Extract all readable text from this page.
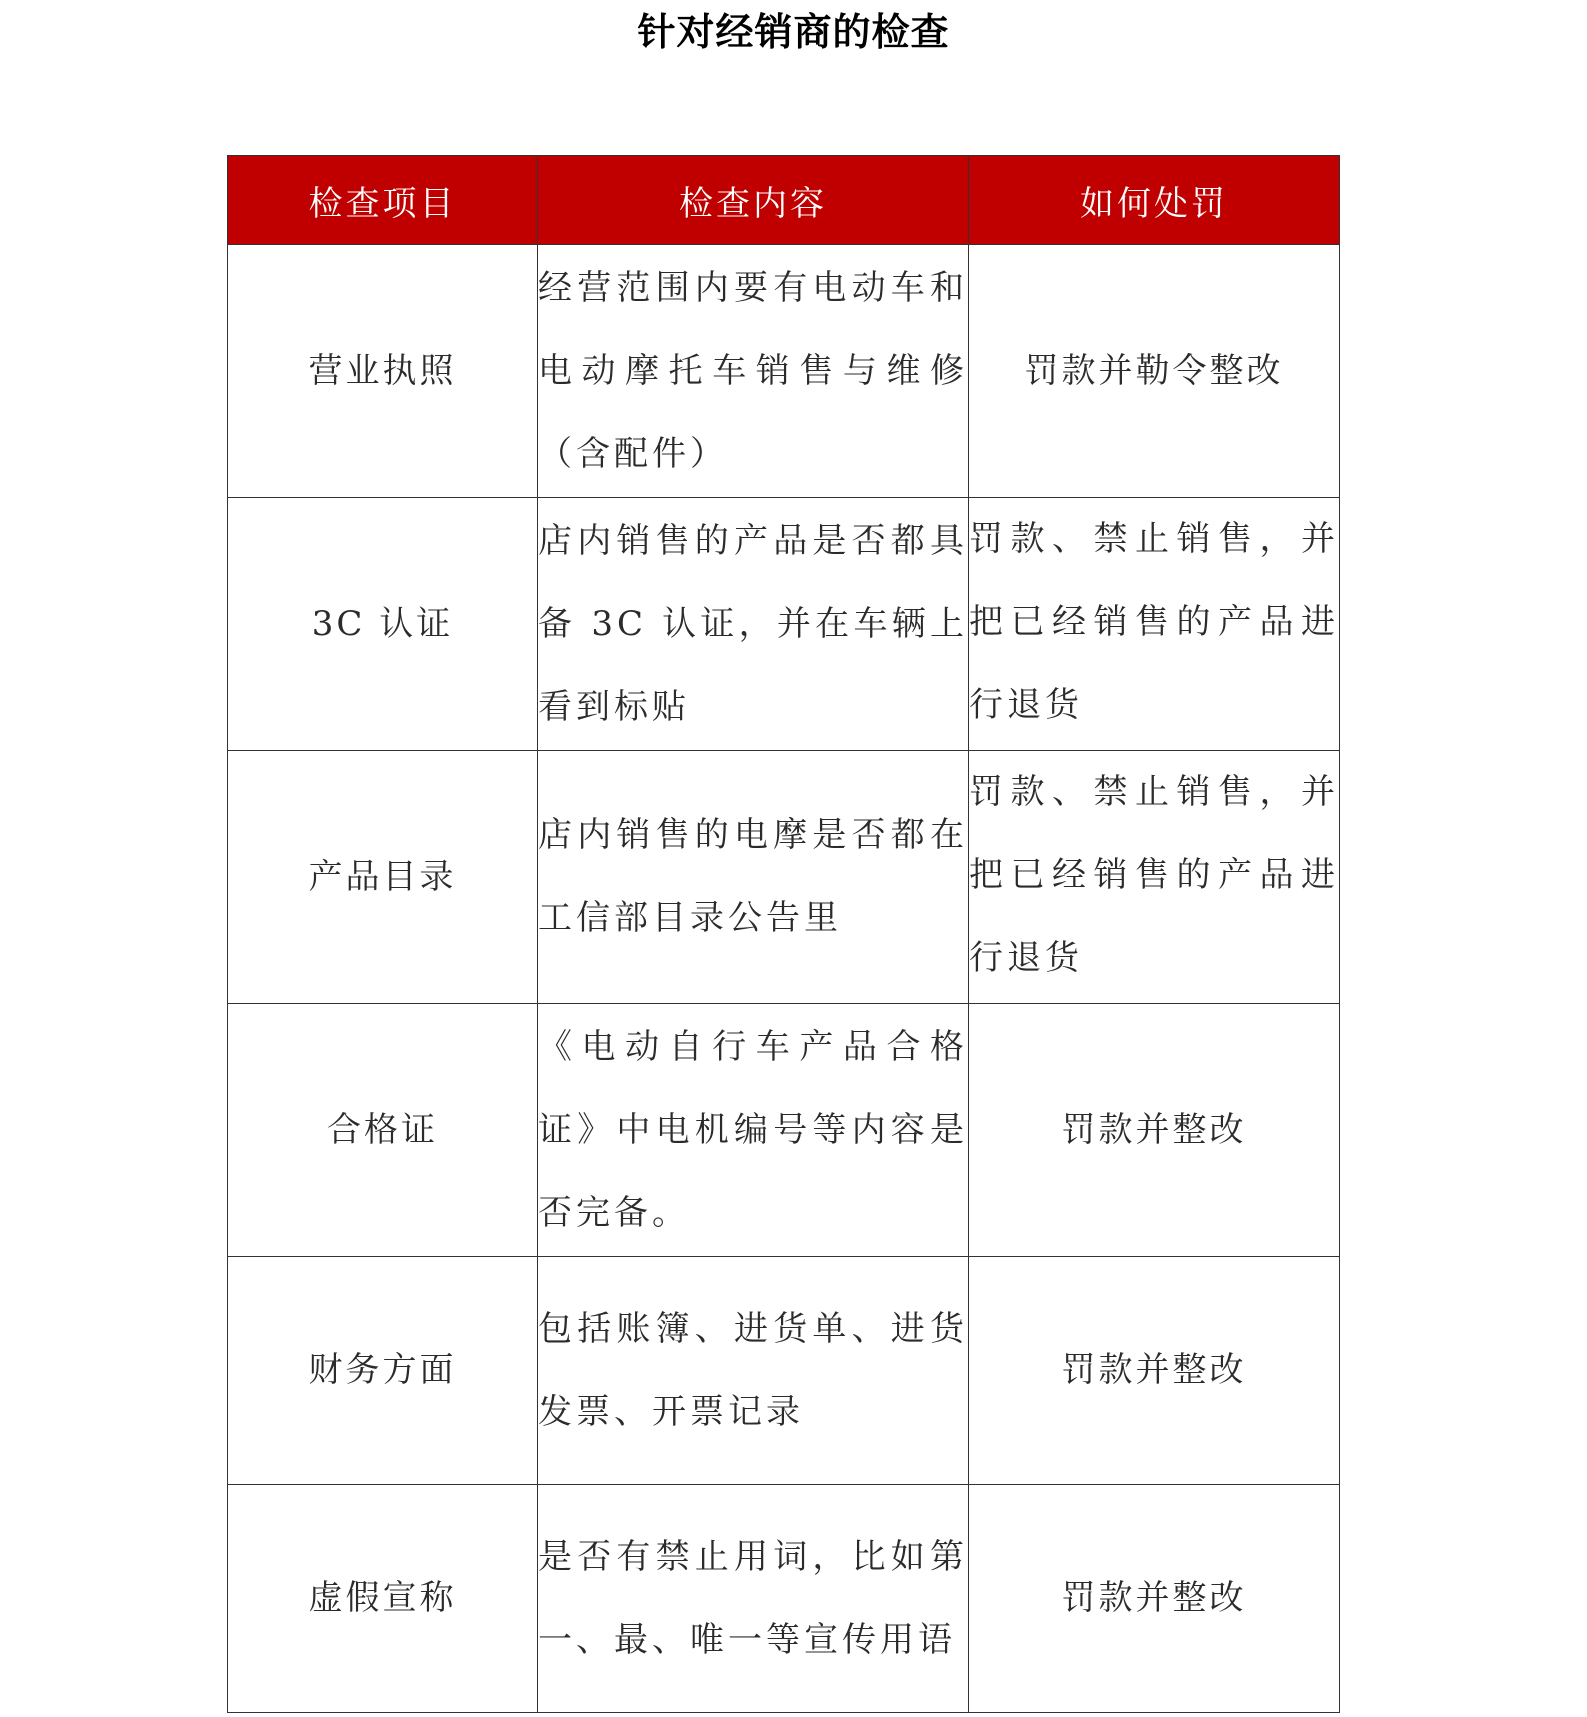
针对经销商的检查
检查项目	检查内容	如何处罚
营业执照	经营范围内要有电动车和电动摩托车销售与维修（含配件）	罚款并勒令整改
3C 认证	店内销售的产品是否都具备 3C 认证，并在车辆上看到标贴	罚款、禁止销售，并把已经销售的产品进行退货
产品目录	店内销售的电摩是否都在工信部目录公告里	罚款、禁止销售，并把已经销售的产品进行退货
合格证	《电动自行车产品合格证》中电机编号等内容是否完备。	罚款并整改
财务方面	包括账簿、进货单、进货发票、开票记录	罚款并整改
虚假宣称	是否有禁止用词，比如第一、最、唯一等宣传用语	罚款并整改
